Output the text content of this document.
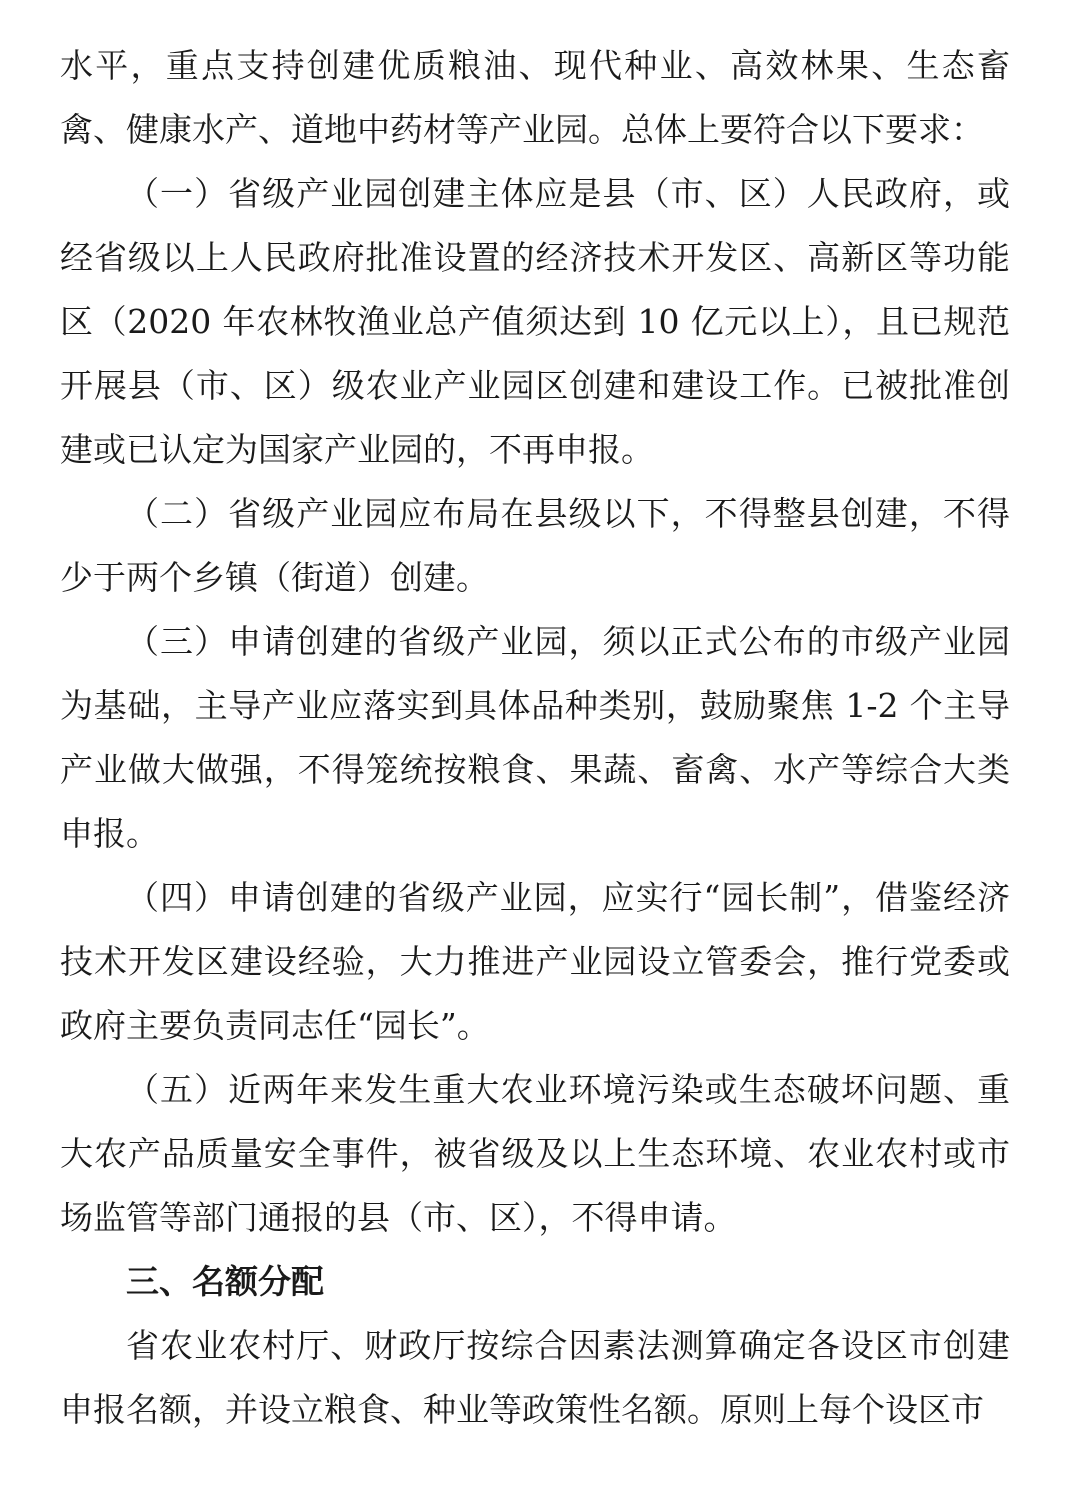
水平，重点支持创建优质粮油、现代种业、高效林果、生态畜禽、健康水产、道地中药材等产业园。总体上要符合以下要求：

（一）省级产业园创建主体应是县（市、区）人民政府，或经省级以上人民政府批准设置的经济技术开发区、高新区等功能区（2020 年农林牧渔业总产值须达到 10 亿元以上），且已规范开展县（市、区）级农业产业园区创建和建设工作。已被批准创建或已认定为国家产业园的，不再申报。

（二）省级产业园应布局在县级以下，不得整县创建，不得少于两个乡镇（街道）创建。

（三）申请创建的省级产业园，须以正式公布的市级产业园为基础，主导产业应落实到具体品种类别，鼓励聚焦 1-2 个主导产业做大做强，不得笼统按粮食、果蔬、畜禽、水产等综合大类申报。

（四）申请创建的省级产业园，应实行“园长制”，借鉴经济技术开发区建设经验，大力推进产业园设立管委会，推行党委或政府主要负责同志任“园长”。

（五）近两年来发生重大农业环境污染或生态破坏问题、重大农产品质量安全事件，被省级及以上生态环境、农业农村或市场监管等部门通报的县（市、区），不得申请。

三、名额分配

省农业农村厅、财政厅按综合因素法测算确定各设区市创建申报名额，并设立粮食、种业等政策性名额。原则上每个设区市
